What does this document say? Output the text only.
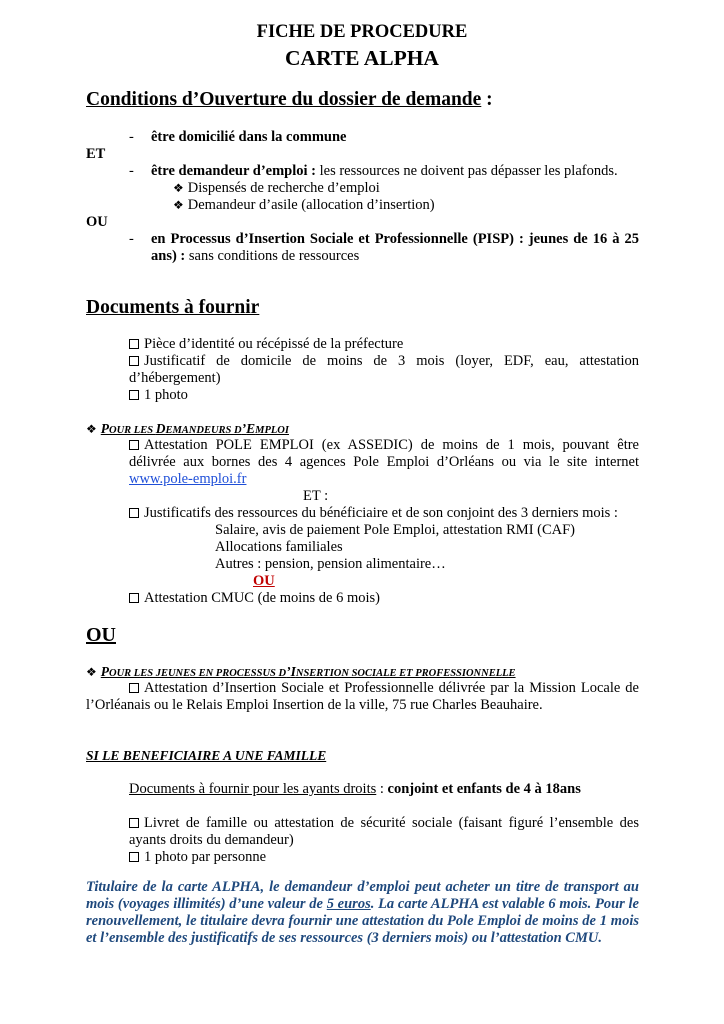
FICHE DE PROCEDURE
CARTE ALPHA
Conditions d’Ouverture du dossier de demande :
- être domicilié dans la commune
ET
- être demandeur d’emploi : les ressources ne doivent pas dépasser les plafonds.
❖ Dispensés de recherche d’emploi
❖ Demandeur d’asile (allocation d’insertion)
OU
- en Processus d’Insertion Sociale et Professionnelle (PISP) : jeunes de 16 à 25
ans) : sans conditions de ressources
Documents à fournir
Pièce d’identité ou récépissé de la préfecture
Justificatif de domicile de moins de 3 mois (loyer, EDF, eau, attestation
d’hébergement)
1 photo
❖ POUR LES DEMANDEURS D’EMPLOI
Attestation POLE EMPLOI (ex ASSEDIC) de moins de 1 mois, pouvant être
délivrée aux bornes des 4 agences Pole Emploi d’Orléans ou via le site internet
www.pole-emploi.fr
ET :
Justificatifs des ressources du bénéficiaire et de son conjoint des 3 derniers mois :
Salaire, avis de paiement Pole Emploi, attestation RMI (CAF)
Allocations familiales
Autres : pension, pension alimentaire…
OU
Attestation CMUC (de moins de 6 mois)
OU
❖ POUR LES JEUNES EN PROCESSUS D’INSERTION SOCIALE ET PROFESSIONNELLE
Attestation d’Insertion Sociale et Professionnelle délivrée par la Mission Locale de
l’Orléanais ou le Relais Emploi Insertion de la ville, 75 rue Charles Beauhaire.
SI LE BENEFICIAIRE A UNE FAMILLE
Documents à fournir pour les ayants droits : conjoint et enfants de 4 à 18ans
Livret de famille ou attestation de sécurité sociale (faisant figuré l’ensemble des
ayants droits du demandeur)
1 photo par personne
Titulaire de la carte ALPHA, le demandeur d’emploi peut acheter un titre de transport au mois (voyages illimités) d’une valeur de 5 euros. La carte ALPHA est valable 6 mois. Pour le renouvellement, le titulaire devra fournir une attestation du Pole Emploi de moins de 1 mois et l’ensemble des justificatifs de ses ressources (3 derniers mois) ou l’attestation CMU.
